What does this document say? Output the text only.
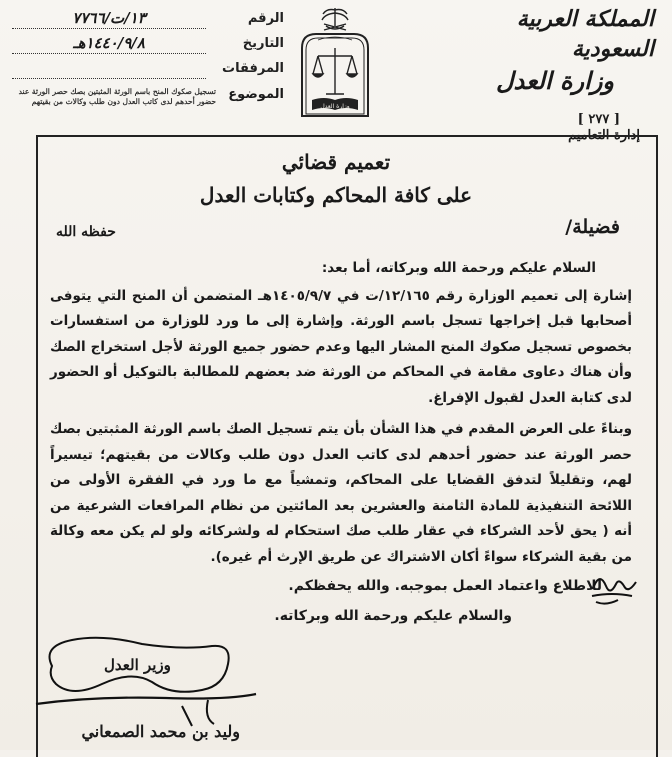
المملكة العربية السعودية
وزارة العدل
[ ٢٧٧ ]
إدارة التعاميم
وزارة العدل
الرقم
١٣/ت/٧٧٦٦
التاريخ
١٤٤٠/٩/٨هـ
المرفقات
الموضوع
تسجيل صكوك المنح باسم الورثة المثبتين بصك حصر الورثة عند حضور أحدهم لدى كاتب العدل دون طلب وكالات من بقيتهم
تعميم قضائي
على كافة المحاكم وكتابات العدل
فضيلة/
حفظه الله
السلام عليكم ورحمة الله وبركاته، أما بعد:
إشارة إلى تعميم الوزارة رقم ١٢/١٦٥/ت في ١٤٠٥/٩/٧هـ المتضمن أن المنح التي يتوفى أصحابها قبل إخراجها تسجل باسم الورثة. وإشارة إلى ما ورد للوزارة من استفسارات بخصوص تسجيل صكوك المنح المشار اليها وعدم حضور جميع الورثة لأجل استخراج الصك وأن هناك دعاوى مقامة في المحاكم من الورثة ضد بعضهم للمطالبة بالتوكيل أو الحضور لدى كتابة العدل لقبول الإفراغ.
وبناءً على العرض المقدم في هذا الشأن بأن يتم تسجيل الصك باسم الورثة المثبتين بصك حصر الورثة عند حضور أحدهم لدى كاتب العدل دون طلب وكالات من بقيتهم؛ تيسيراً لهم، وتقليلاً لتدفق القضايا على المحاكم، وتمشياً مع ما ورد في الفقرة الأولى من اللائحة التنفيذية للمادة الثامنة والعشرين بعد المائتين من نظام المرافعات الشرعية من أنه ( يحق لأحد الشركاء في عقار طلب صك استحكام له ولشركائه ولو لم يكن معه وكالة من بقية الشركاء سواءً أكان الاشتراك عن طريق الإرث أم غيره).
للاطلاع واعتماد العمل بموجبه. والله يحفظكم.
والسلام عليكم ورحمة الله وبركاته.
وزير العدل
وليد بن محمد الصمعاني
